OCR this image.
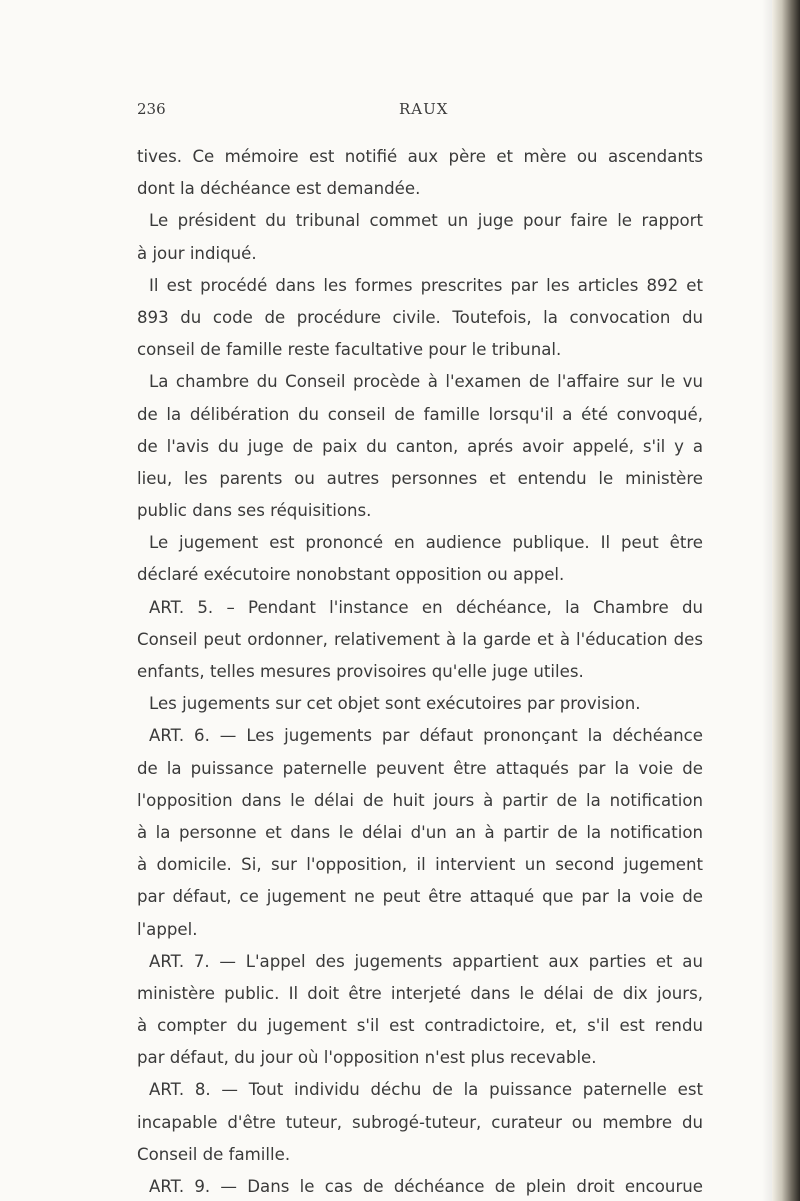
236	RAUX
tives. Ce mémoire est notifié aux père et mère ou ascendants
dont la déchéance est demandée.
Le président du tribunal commet un juge pour faire le rapport
à jour indiqué.
Il est procédé dans les formes prescrites par les articles 892 et
893 du code de procédure civile. Toutefois, la convocation du
conseil de famille reste facultative pour le tribunal.
La chambre du Conseil procède à l'examen de l'affaire sur le vu
de la délibération du conseil de famille lorsqu'il a été convoqué,
de l'avis du juge de paix du canton, aprés avoir appelé, s'il y a
lieu, les parents ou autres personnes et entendu le ministère
public dans ses réquisitions.
Le jugement est prononcé en audience publique. Il peut être
déclaré exécutoire nonobstant opposition ou appel.
ART. 5. – Pendant l'instance en déchéance, la Chambre du
Conseil peut ordonner, relativement à la garde et à l'éducation des
enfants, telles mesures provisoires qu'elle juge utiles.
Les jugements sur cet objet sont exécutoires par provision.
ART. 6. — Les jugements par défaut prononçant la déchéance
de la puissance paternelle peuvent être attaqués par la voie de
l'opposition dans le délai de huit jours à partir de la notification
à la personne et dans le délai d'un an à partir de la notification
à domicile. Si, sur l'opposition, il intervient un second jugement
par défaut, ce jugement ne peut être attaqué que par la voie de
l'appel.
ART. 7. — L'appel des jugements appartient aux parties et au
ministère public. Il doit être interjeté dans le délai de dix jours,
à compter du jugement s'il est contradictoire, et, s'il est rendu
par défaut, du jour où l'opposition n'est plus recevable.
ART. 8. — Tout individu déchu de la puissance paternelle est
incapable d'être tuteur, subrogé-tuteur, curateur ou membre du
Conseil de famille.
ART. 9. — Dans le cas de déchéance de plein droit encourue
